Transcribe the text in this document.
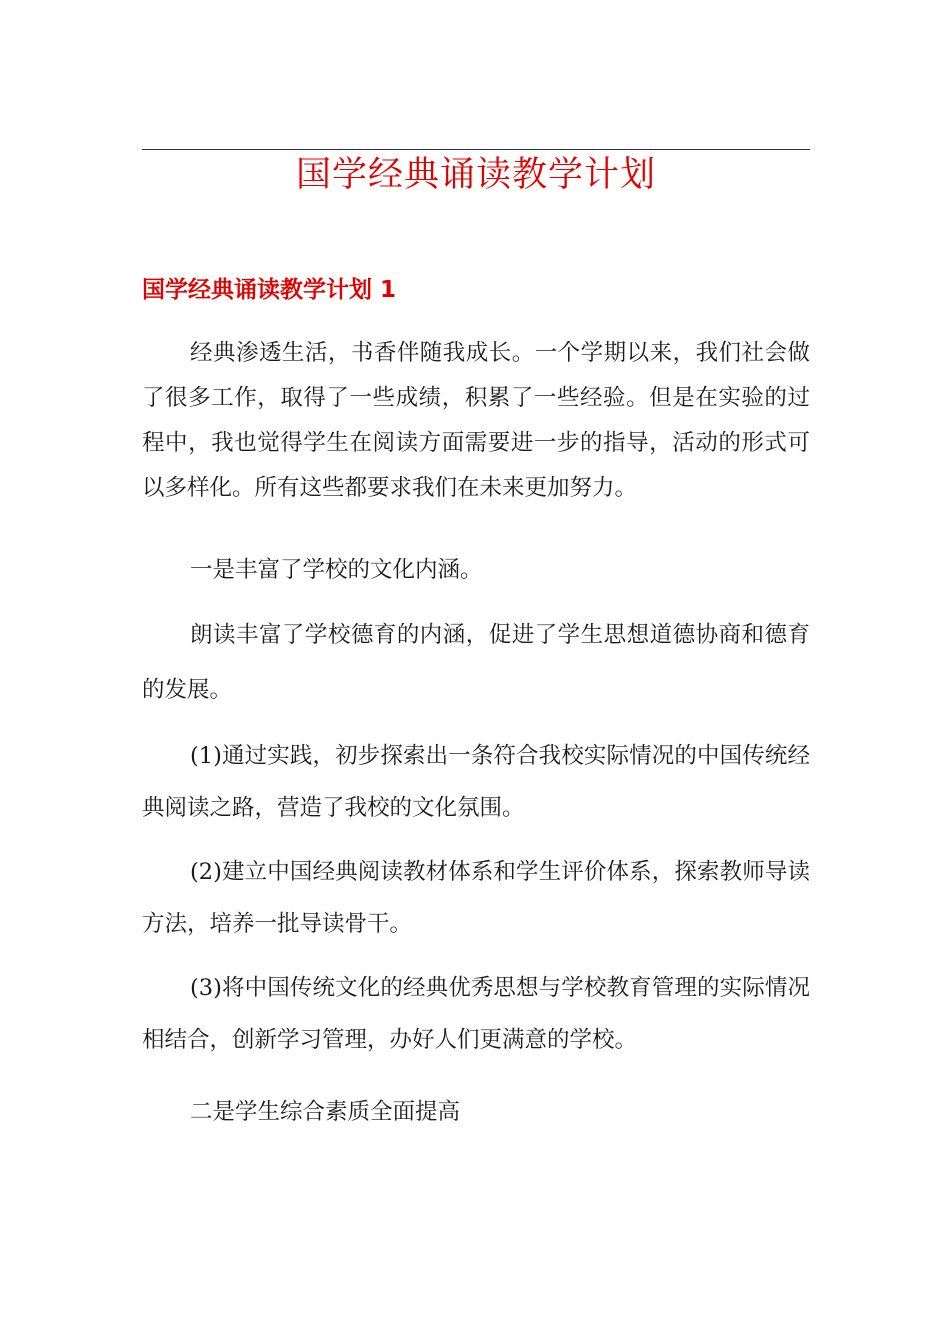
国学经典诵读教学计划
国学经典诵读教学计划 1

经典渗透生活，书香伴随我成长。一个学期以来，我们社会做了很多工作，取得了一些成绩，积累了一些经验。但是在实验的过程中，我也觉得学生在阅读方面需要进一步的指导，活动的形式可以多样化。所有这些都要求我们在未来更加努力。

一是丰富了学校的文化内涵。

朗读丰富了学校德育的内涵，促进了学生思想道德协商和德育的发展。

(1)通过实践，初步探索出一条符合我校实际情况的中国传统经典阅读之路，营造了我校的文化氛围。

(2)建立中国经典阅读教材体系和学生评价体系，探索教师导读方法，培养一批导读骨干。

(3)将中国传统文化的经典优秀思想与学校教育管理的实际情况相结合，创新学习管理，办好人们更满意的学校。

二是学生综合素质全面提高
